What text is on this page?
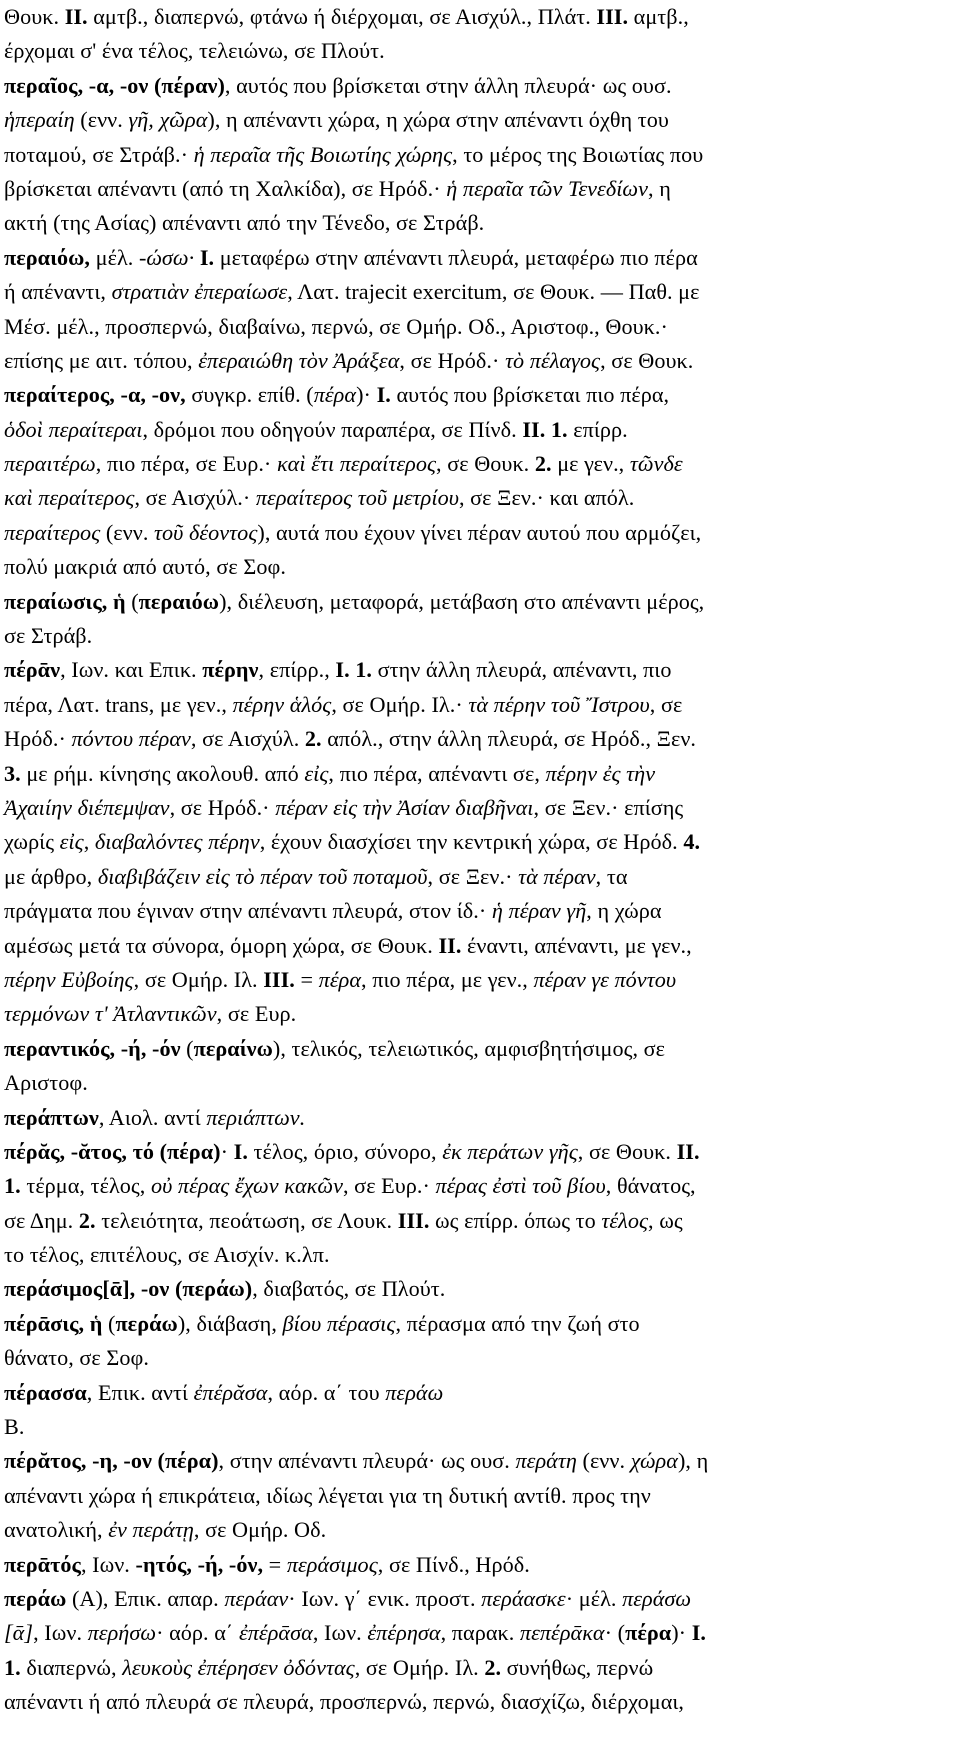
Θουκ. II. αμτβ., διαπερνώ, φτάνω ή διέρχομαι, σε Αισχύλ., Πλάτ. III. αμτβ.,
έρχομαι σ' ένα τέλος, τελειώνω, σε Πλούτ.
περαῖος, -α, -ον (πέραν), αυτός που βρίσκεται στην άλλη πλευρά· ως ουσ.
ἡπεραίη (ενν. γῆ, χῶρα), η απέναντι χώρα, η χώρα στην απέναντι όχθη του
ποταμού, σε Στράβ.· ἡ περαῖα τῆς Βοιωτίης χώρης, το μέρος της Βοιωτίας που
βρίσκεται απέναντι (από τη Χαλκίδα), σε Ηρόδ.· ἡ περαῖα τῶν Τενεδίων, η
ακτή (της Ασίας) απέναντι από την Τένεδο, σε Στράβ.
περαιόω, μέλ. -ώσω· I. μεταφέρω στην απέναντι πλευρά, μεταφέρω πιο πέρα
ή απέναντι, στρατιὰν ἐπεραίωσε, Λατ. trajecit exercitum, σε Θουκ. — Παθ. με
Μέσ. μέλ., προσπερνώ, διαβαίνω, περνώ, σε Ομήρ. Οδ., Αριστοφ., Θουκ.·
επίσης με αιτ. τόπου, ἐπεραιώθη τὸν Ἀράξεα, σε Ηρόδ.· τὸ πέλαγος, σε Θουκ.
περαίτερος, -α, -ον, συγκρ. επίθ. (πέρα)· I. αυτός που βρίσκεται πιο πέρα,
ὁδοὶ περαίτεραι, δρόμοι που οδηγούν παραπέρα, σε Πίνδ. II. 1. επίρρ.
περαιτέρω, πιο πέρα, σε Ευρ.· καὶ ἔτι περαίτερος, σε Θουκ. 2. με γεν., τῶνδε
καὶ περαίτερος, σε Αισχύλ.· περαίτερος τοῦ μετρίου, σε Ξεν.· και απόλ.
περαίτερος (ενν. τοῦ δέοντος), αυτά που έχουν γίνει πέραν αυτού που αρμόζει,
πολύ μακριά από αυτό, σε Σοφ.
περαίωσις, ἡ (περαιόω), διέλευση, μεταφορά, μετάβαση στο απέναντι μέρος,
σε Στράβ.
πέρᾱν, Ιων. και Επικ. πέρην, επίρρ., I. 1. στην άλλη πλευρά, απέναντι, πιο
πέρα, Λατ. trans, με γεν., πέρην ἁλός, σε Ομήρ. Ιλ.· τὰ πέρην τοῦ Ἴστρου, σε
Ηρόδ.· πόντου πέραν, σε Αισχύλ. 2. απόλ., στην άλλη πλευρά, σε Ηρόδ., Ξεν.
3. με ρήμ. κίνησης ακολουθ. από εἰς, πιο πέρα, απέναντι σε, πέρην ἐς τὴν
Ἀχαιίην διέπεμψαν, σε Ηρόδ.· πέραν εἰς τὴν Ἀσίαν διαβῆναι, σε Ξεν.· επίσης
χωρίς εἰς, διαβαλόντες πέρην, έχουν διασχίσει την κεντρική χώρα, σε Ηρόδ. 4.
με άρθρο, διαβιβάζειν εἰς τὸ πέραν τοῦ ποταμοῦ, σε Ξεν.· τὰ πέραν, τα
πράγματα που έγιναν στην απέναντι πλευρά, στον ίδ.· ἡ πέραν γῆ, η χώρα
αμέσως μετά τα σύνορα, όμορη χώρα, σε Θουκ. II. έναντι, απέναντι, με γεν.,
πέρην Εὐβοίης, σε Ομήρ. Ιλ. III. = πέρα, πιο πέρα, με γεν., πέραν γε πόντου
τερμόνων τ' Ἀτλαντικῶν, σε Ευρ.
περαντικός, -ή, -όν (περαίνω), τελικός, τελειωτικός, αμφισβητήσιμος, σε
Αριστοφ.
περάπτων, Αιολ. αντί περιάπτων.
πέρᾰς, -ᾰτος, τό (πέρα)· I. τέλος, όριο, σύνορο, ἐκ περάτων γῆς, σε Θουκ. II.
1. τέρμα, τέλος, οὐ πέρας ἔχων κακῶν, σε Ευρ.· πέρας ἐστὶ τοῦ βίου, θάνατος,
σε Δημ. 2. τελειότητα, πεοάτωση, σε Λουκ. III. ως επίρρ. όπως το τέλος, ως
το τέλος, επιτέλους, σε Αισχίν. κ.λπ.
περάσιμος[ᾱ], -ον (περάω), διαβατός, σε Πλούτ.
πέρᾱσις, ἡ (περάω), διάβαση, βίου πέρασις, πέρασμα από την ζωή στο
θάνατο, σε Σοφ.
πέρασσα, Επικ. αντί ἐπέρᾰσα, αόρ. α΄ του περάω
Β.
πέρᾰτος, -η, -ον (πέρα), στην απέναντι πλευρά· ως ουσ. περάτη (ενν. χώρα), η
απέναντι χώρα ή επικράτεια, ιδίως λέγεται για τη δυτική αντίθ. προς την
ανατολική, ἐν περάτῃ, σε Ομήρ. Οδ.
περᾱτός, Ιων. -ητός, -ή, -όν, = περάσιμος, σε Πίνδ., Ηρόδ.
περάω (Α), Επικ. απαρ. περάαν· Ιων. γ΄ ενικ. προστ. περάασκε· μέλ. περάσω
[ᾱ], Ιων. περήσω· αόρ. α΄ ἐπέρᾱσα, Ιων. ἐπέρησα, παρακ. πεπέρᾱκα· (πέρα)· I.
1. διαπερνώ, λευκοὺς ἐπέρησεν ὀδόντας, σε Ομήρ. Ιλ. 2. συνήθως, περνώ
απέναντι ή από πλευρά σε πλευρά, προσπερνώ, περνώ, διασχίζω, διέρχομαι,
